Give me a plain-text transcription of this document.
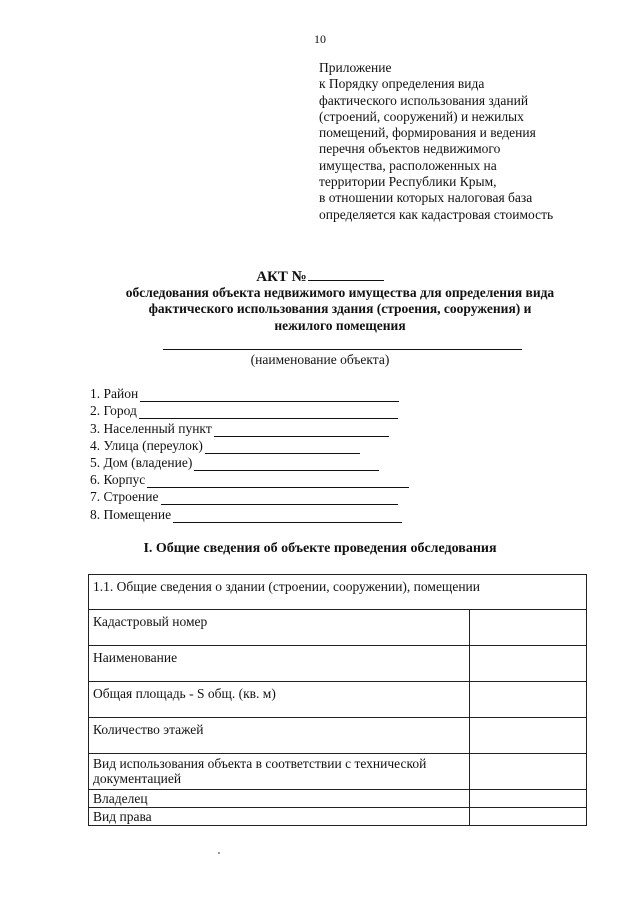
10
Приложение
к Порядку определения вида
фактического использования зданий
(строений, сооружений) и нежилых
помещений, формирования и ведения
перечня объектов недвижимого
имущества, расположенных на
территории Республики Крым,
в отношении которых налоговая база
определяется как кадастровая стоимость
АКТ №
обследования объекта недвижимого имущества для определения вида
фактического использования здания (строения, сооружения) и
нежилого помещения
(наименование объекта)
1. Район
2. Город
3. Населенный пункт
4. Улица (переулок)
5. Дом (владение)
6. Корпус
7. Строение
8. Помещение
I. Общие сведения об объекте проведения обследования
1.1. Общие сведения о здании (строении, сооружении), помещении	
Кадастровый номер	
Наименование	
Общая площадь - S общ. (кв. м)	
Количество этажей	
Вид использования объекта в соответствии с технической документацией	
Владелец	
Вид права	
